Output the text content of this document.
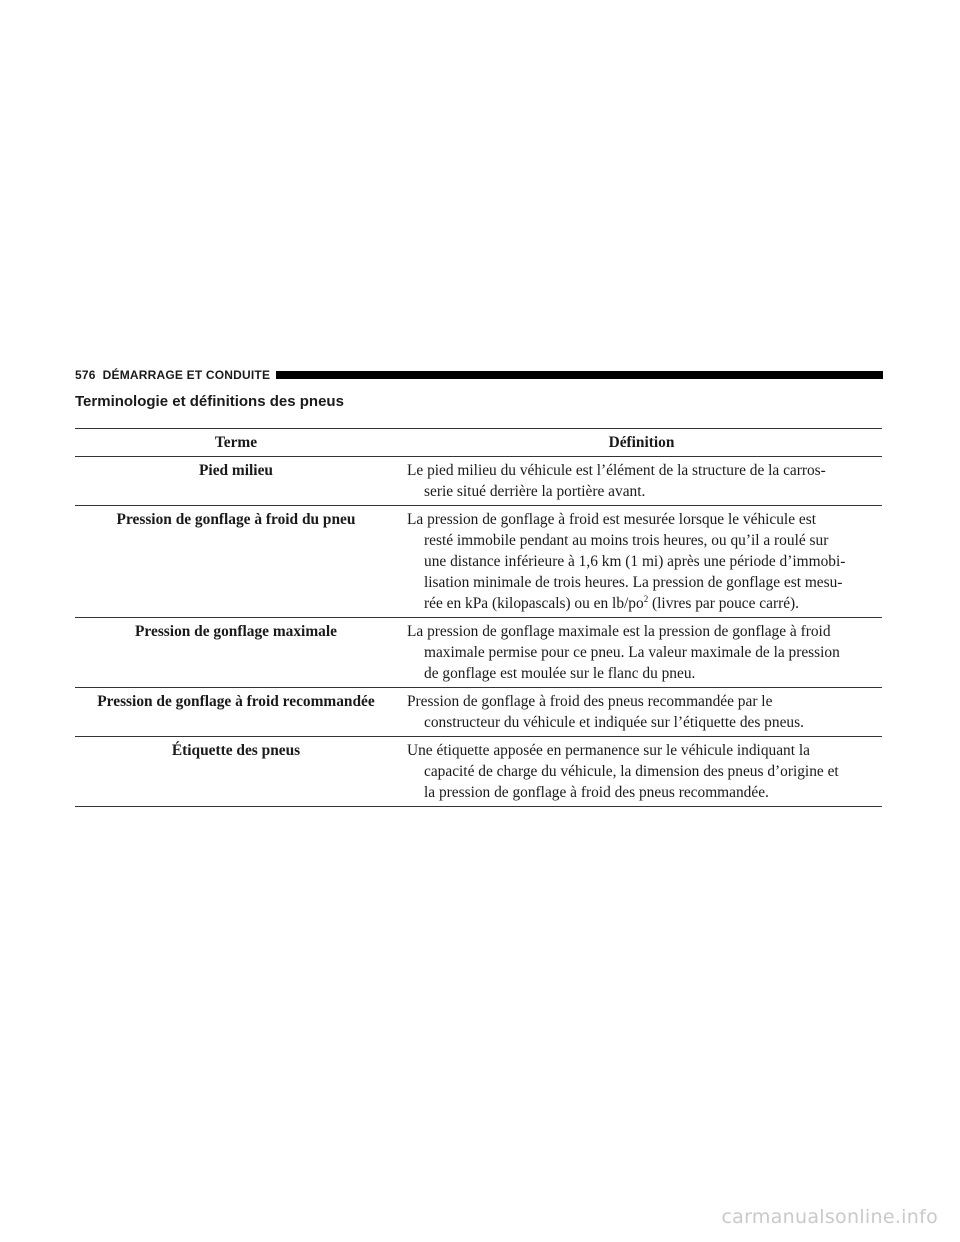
576 DÉMARRAGE ET CONDUITE
Terminologie et définitions des pneus
Terme	Définition
Pied milieu	Le pied milieu du véhicule est l’élément de la structure de la carros-
serie situé derrière la portière avant.

Pression de gonflage à froid du pneu	La pression de gonflage à froid est mesurée lorsque le véhicule est
resté immobile pendant au moins trois heures, ou qu’il a roulé sur
une distance inférieure à 1,6 km (1 mi) après une période d’immobi-
lisation minimale de trois heures. La pression de gonflage est mesu-
rée en kPa (kilopascals) ou en $lb/po^2$ (livres par pouce carré).

Pression de gonflage maximale	La pression de gonflage maximale est la pression de gonflage à froid
maximale permise pour ce pneu. La valeur maximale de la pression
de gonflage est moulée sur le flanc du pneu.

Pression de gonflage à froid recommandée	Pression de gonflage à froid des pneus recommandée par le
constructeur du véhicule et indiquée sur l’étiquette des pneus.

Étiquette des pneus	Une étiquette apposée en permanence sur le véhicule indiquant la
capacité de charge du véhicule, la dimension des pneus d’origine et
la pression de gonflage à froid des pneus recommandée.
carmanualsonline.info
